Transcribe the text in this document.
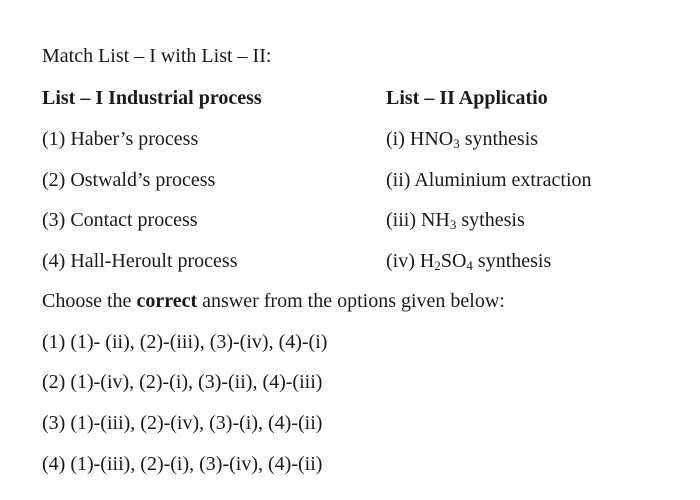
Match List – I with List – II:
List – I Industrial process	List – II Applicatio
(1) Haber’s process	(i) $HNO_3$ synthesis
(2) Ostwald’s process	(ii) Aluminium extraction
(3) Contact process	(iii) $NH_3$ sythesis
(4) Hall-Heroult process	(iv) $H_2SO_4$ synthesis
Choose the correct answer from the options given below:
(1) (1)- (ii), (2)-(iii), (3)-(iv), (4)-(i)
(2) (1)-(iv), (2)-(i), (3)-(ii), (4)-(iii)
(3) (1)-(iii), (2)-(iv), (3)-(i), (4)-(ii)
(4) (1)-(iii), (2)-(i), (3)-(iv), (4)-(ii)
